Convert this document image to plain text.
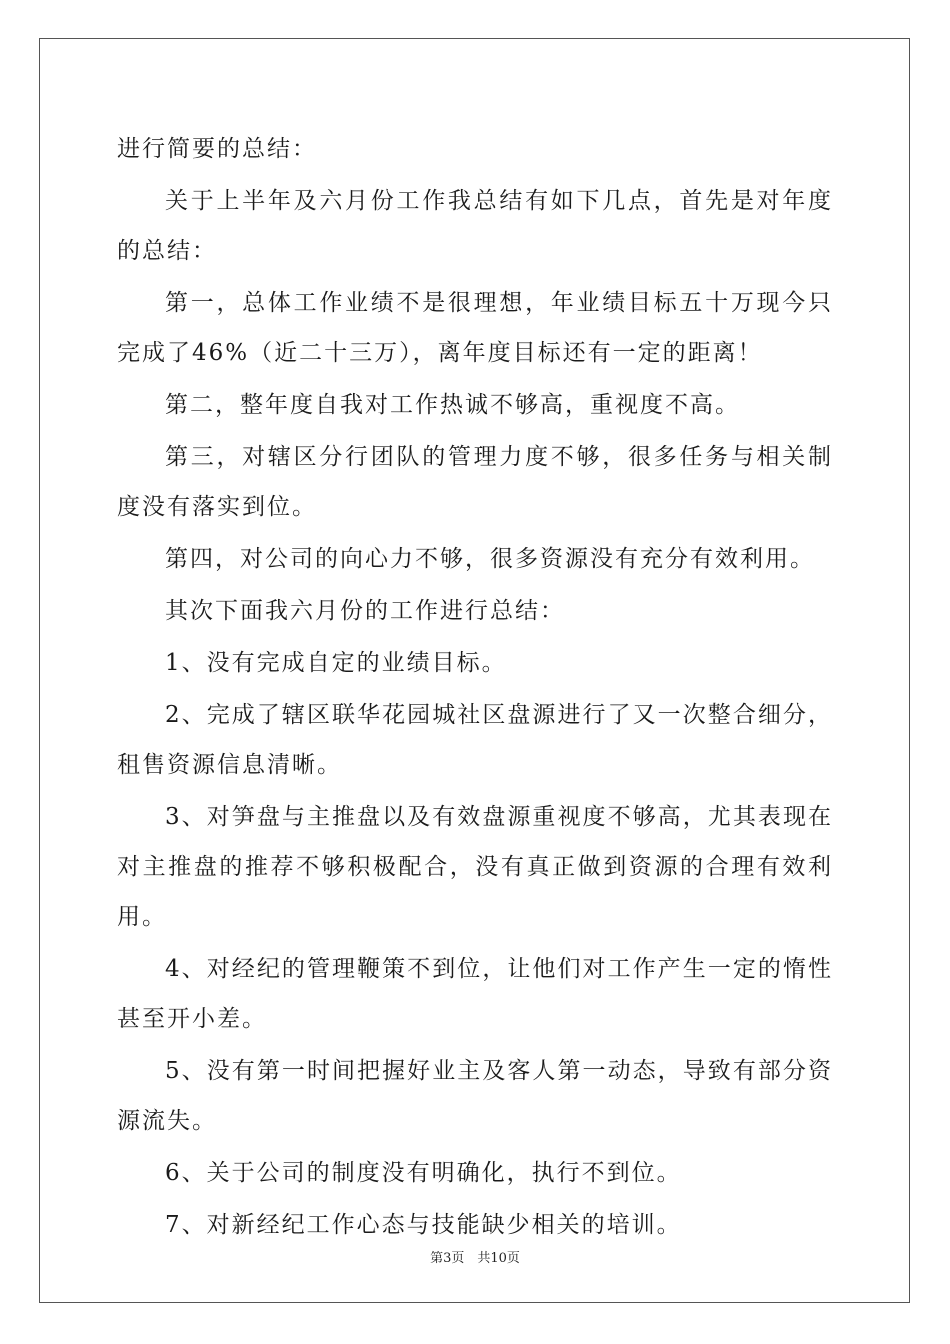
进行简要的总结：

关于上半年及六月份工作我总结有如下几点，首先是对年度的总结：

第一，总体工作业绩不是很理想，年业绩目标五十万现今只完成了46%（近二十三万），离年度目标还有一定的距离！

第二，整年度自我对工作热诚不够高，重视度不高。

第三，对辖区分行团队的管理力度不够，很多任务与相关制度没有落实到位。

第四，对公司的向心力不够，很多资源没有充分有效利用。

其次下面我六月份的工作进行总结：

1、没有完成自定的业绩目标。

2、完成了辖区联华花园城社区盘源进行了又一次整合细分，租售资源信息清晰。

3、对笋盘与主推盘以及有效盘源重视度不够高，尤其表现在对主推盘的推荐不够积极配合，没有真正做到资源的合理有效利用。

4、对经纪的管理鞭策不到位，让他们对工作产生一定的惰性甚至开小差。

5、没有第一时间把握好业主及客人第一动态，导致有部分资源流失。

6、关于公司的制度没有明确化，执行不到位。

7、对新经纪工作心态与技能缺少相关的培训。

第3页　共10页
